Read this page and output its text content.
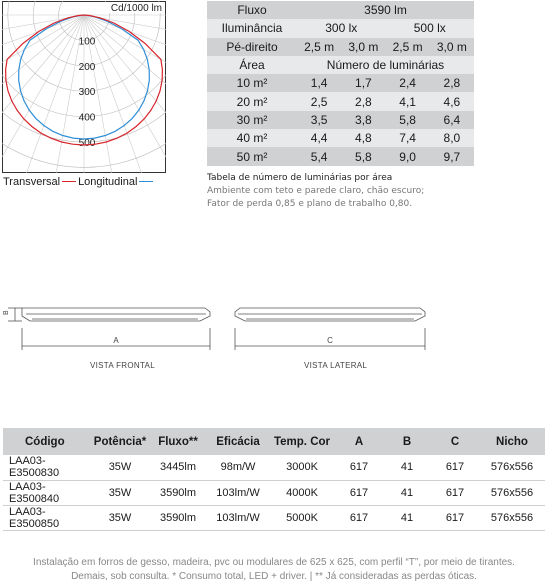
100
200
300
400
500
Cd/1000 lm
Transversal Longitudinal
Fluxo	3590 lm			
Iluminância	300 lx		500 lx	
Pé-direito	2,5 m	3,0 m	2,5 m	3,0 m
Área	Número de luminárias			
10 m²	1,4	1,7	2,4	2,8
20 m²	2,5	2,8	4,1	4,6
30 m²	3,5	3,8	5,8	6,4
40 m²	4,4	4,8	7,4	8,0
50 m²	5,4	5,8	9,0	9,7
Tabela de número de luminárias por área
Ambiente com teto e parede claro, chão escuro;
Fator de perda 0,85 e plano de trabalho 0,80.
B
A	C
VISTA FRONTAL	VISTA LATERAL
Código	Potência*	Fluxo**	Eficácia	Temp. Cor	A	B	C	Nicho
LAA03-E3500830	35W	3445lm	98m/W	3000K	617	41	617	576x556
LAA03-E3500840	35W	3590lm	103lm/W	4000K	617	41	617	576x556
LAA03-E3500850	35W	3590lm	103lm/W	5000K	617	41	617	576x556
Instalação em forros de gesso, madeira, pvc ou modulares de 625 x 625, com perfil “T”, por meio de tirantes.
Demais, sob consulta. * Consumo total, LED + driver. | ** Já consideradas as perdas óticas.
